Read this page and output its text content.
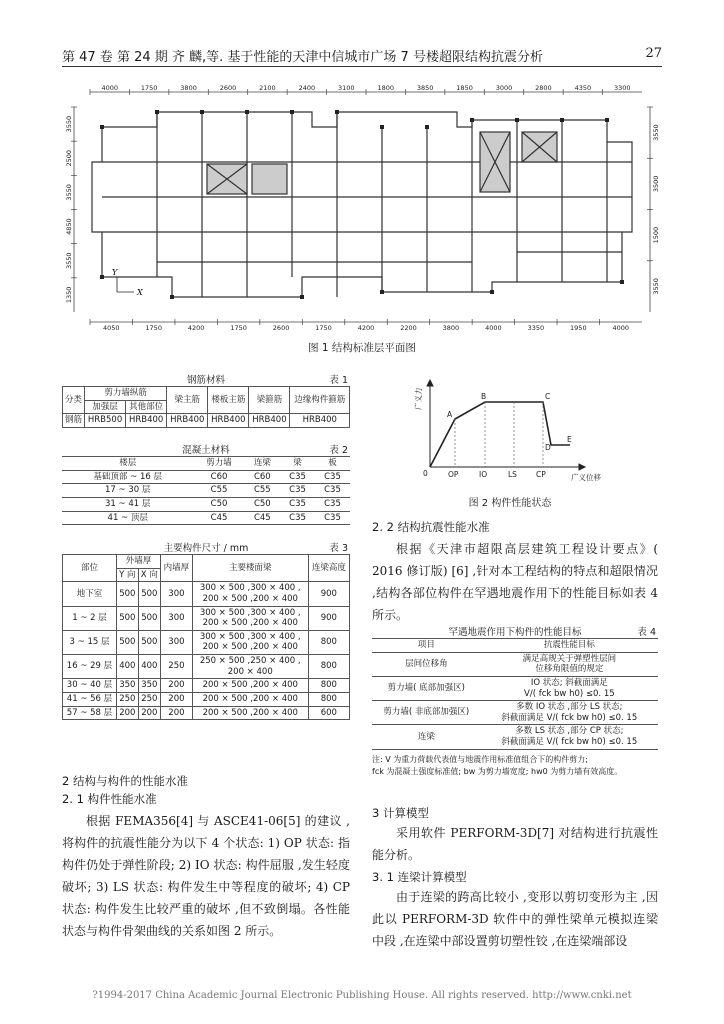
第 47 卷 第 24 期 齐 麟,等. 基于性能的天津中信城市广场 7 号楼超限结构抗震分析	27
4000	1750	3800	2600	2100	2400	3100	1800	3850	1850	3000	2800	4350	3300
4050	1750	4200	1750	2600	1750	4200	2200	3800	4000	3350	1950	4000
3550
2500
3550
4850
3550
1350
3550
3500
1500
3550
Y
X
图 1 结构标准层平面图
钢筋材料	表 1
分类	剪力墙纵筋		梁主筋	楼板主筋	梁箍筋	边缘构件箍筋
	加强层	其他部位				
钢筋	HRB500	HRB400	HRB400	HRB400	HRB400	HRB400
混凝土材料	表 2
楼层	剪力墙	连梁	梁	板
基础顶部 ~ 16 层	C60	C60	C35	C35
17 ~ 30 层	C55	C55	C35	C35
31 ~ 41 层	C50	C50	C35	C35
41 ~ 顶层	C45	C45	C35	C35
主要构件尺寸 / mm	表 3
部位	外墙厚		内墙厚	主要楼面梁	连梁高度
	Y 向	X 向			
地下室	500	500	300	300 × 500 ,300 × 400 ,
200 × 500 ,200 × 400	900
1 ~ 2 层	500	500	300	300 × 500 ,300 × 400 ,
200 × 500 ,200 × 400	900
3 ~ 15 层	500	500	300	300 × 500 ,300 × 400 ,
200 × 500 ,200 × 400	800
16 ~ 29 层	400	400	250	250 × 500 ,250 × 400 ,
200 × 400	800
30 ~ 40 层	350	350	200	200 × 500 ,200 × 400	800
41 ~ 56 层	250	250	200	200 × 500 ,200 × 400	800
57 ~ 58 层	200	200	200	200 × 500 ,200 × 400	600
2 结构与构件的性能水准
2. 1 构件性能水准
根据 FEMA356[4] 与 ASCE41-06[5] 的建议 ,将构件的抗震性能分为以下 4 个状态: 1) OP 状态: 指构件仍处于弹性阶段; 2) IO 状态: 构件屈服 ,发生轻度破坏; 3) LS 状态: 构件发生中等程度的破坏; 4) CP 状态: 构件发生比较严重的破坏 ,但不致倒塌。各性能状态与构件骨架曲线的关系如图 2 所示。
A
B	C
D
E
0	OP	IO	LS	CP	广义位移
广义力
图 2 构件性能状态
2. 2 结构抗震性能水准
根据《天津市超限高层建筑工程设计要点》( 2016 修订版) [6] ,针对本工程结构的特点和超限情况 ,结构各部位构件在罕遇地震作用下的性能目标如表 4 所示。
罕遇地震作用下构件的性能目标	表 4
项目	抗震性能目标
层间位移角	满足高规关于弹塑性层间
位移角限值的规定
剪力墙( 底部加强区)	IO 状态; 斜截面满足
V/( fck bw h0) ≤0. 15
剪力墙( 非底部加强区)	多数 IO 状态 ,部分 LS 状态;
斜截面满足 V/( fck bw h0) ≤0. 15
连梁	多数 LS 状态 ,部分 CP 状态;
斜截面满足 V/( fck bw h0) ≤0. 15
注: V 为重力荷载代表值与地震作用标准值组合下的构件剪力;
fck 为混凝土强度标准值; bw 为剪力墙宽度; hw0 为剪力墙有效高度。
3 计算模型
采用软件 PERFORM-3D[7] 对结构进行抗震性能分析。
3. 1 连梁计算模型
由于连梁的跨高比较小 ,变形以剪切变形为主 ,因此以 PERFORM-3D 软件中的弹性梁单元模拟连梁中段 ,在连梁中部设置剪切塑性铰 ,在连梁端部设
?1994-2017 China Academic Journal Electronic Publishing House. All rights reserved. http://www.cnki.net
